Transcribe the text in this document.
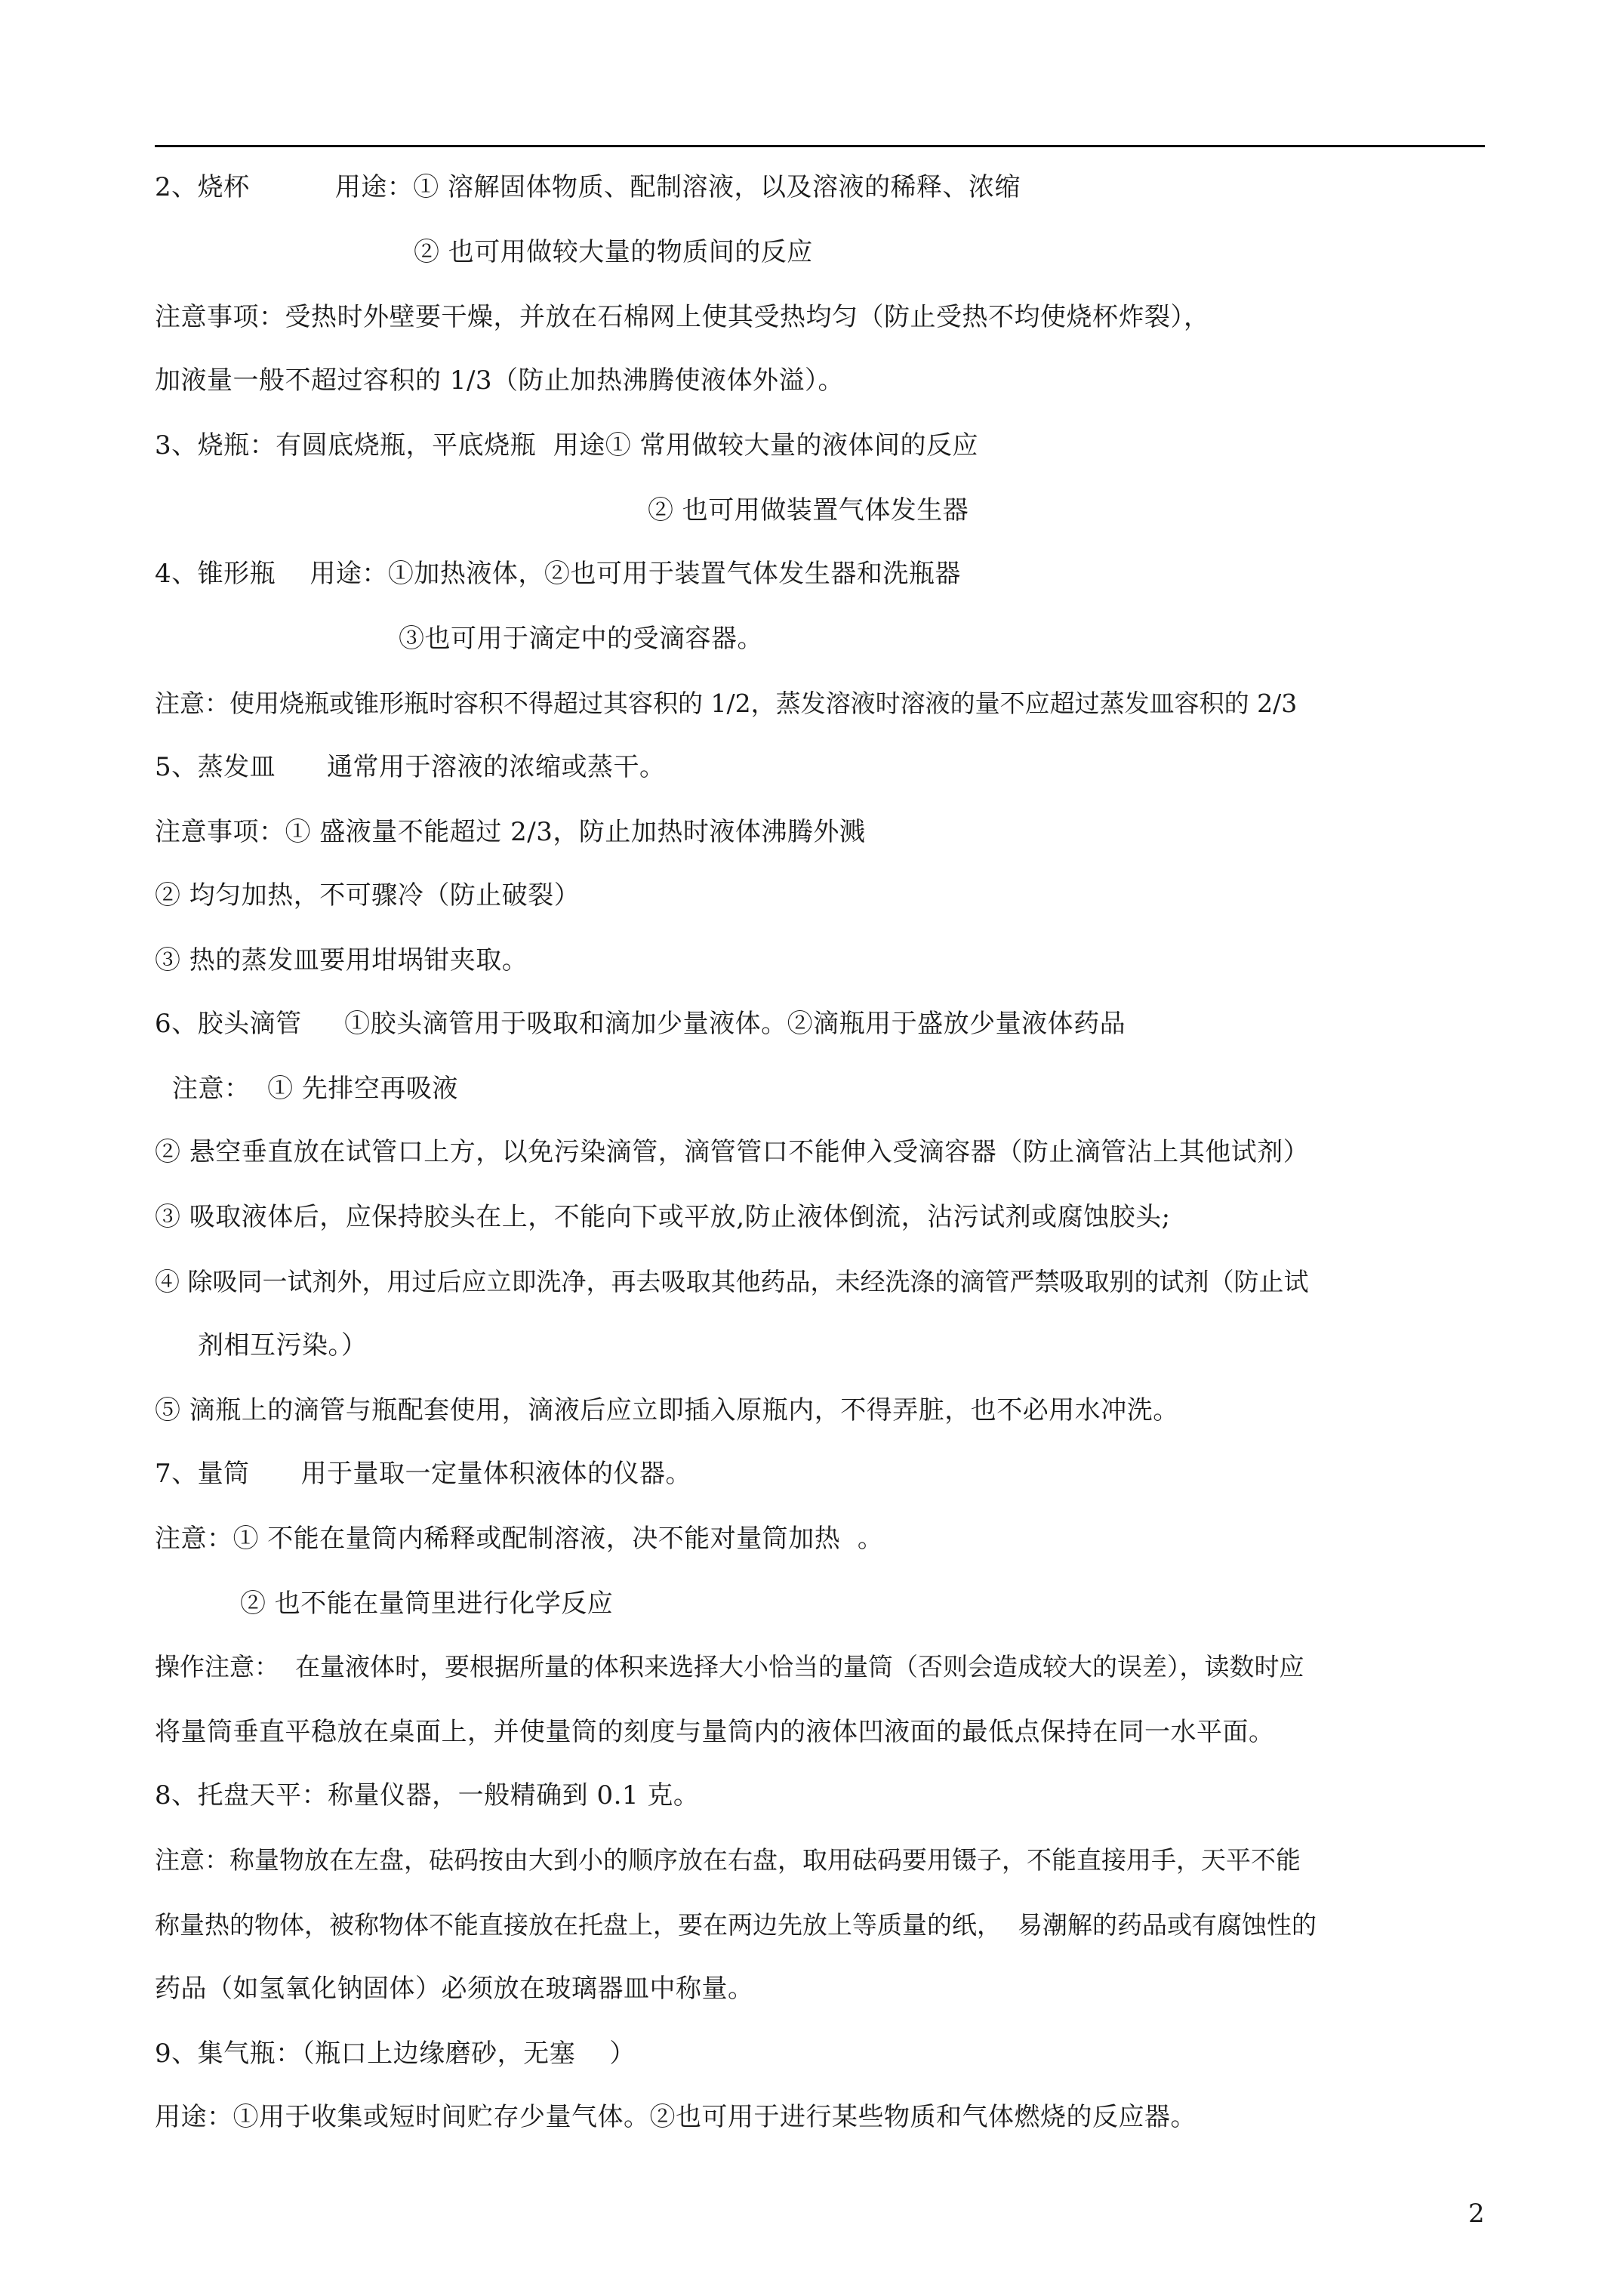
2、烧杯          用途：① 溶解固体物质、配制溶液，以及溶液的稀释、浓缩
② 也可用做较大量的物质间的反应
注意事项：受热时外壁要干燥，并放在石棉网上使其受热均匀（防止受热不均使烧杯炸裂），
加液量一般不超过容积的 1/3（防止加热沸腾使液体外溢）。
3、烧瓶：有圆底烧瓶，平底烧瓶  用途① 常用做较大量的液体间的反应
② 也可用做装置气体发生器
4、锥形瓶    用途：①加热液体，②也可用于装置气体发生器和洗瓶器
③也可用于滴定中的受滴容器。
注意：使用烧瓶或锥形瓶时容积不得超过其容积的 1/2，蒸发溶液时溶液的量不应超过蒸发皿容积的 2/3
5、蒸发皿      通常用于溶液的浓缩或蒸干。
注意事项：① 盛液量不能超过 2/3，防止加热时液体沸腾外溅
② 均匀加热，不可骤冷（防止破裂）
③ 热的蒸发皿要用坩埚钳夹取。
6、胶头滴管     ①胶头滴管用于吸取和滴加少量液体。②滴瓶用于盛放少量液体药品
注意：  ① 先排空再吸液
② 悬空垂直放在试管口上方，以免污染滴管，滴管管口不能伸入受滴容器（防止滴管沾上其他试剂）
③ 吸取液体后，应保持胶头在上，不能向下或平放,防止液体倒流，沾污试剂或腐蚀胶头;
④ 除吸同一试剂外，用过后应立即洗净，再去吸取其他药品，未经洗涤的滴管严禁吸取别的试剂（防止试
剂相互污染。）
⑤ 滴瓶上的滴管与瓶配套使用，滴液后应立即插入原瓶内，不得弄脏，也不必用水冲洗。
7、量筒      用于量取一定量体积液体的仪器。
注意：① 不能在量筒内稀释或配制溶液，决不能对量筒加热  。
② 也不能在量筒里进行化学反应
操作注意：  在量液体时，要根据所量的体积来选择大小恰当的量筒（否则会造成较大的误差），读数时应
将量筒垂直平稳放在桌面上，并使量筒的刻度与量筒内的液体凹液面的最低点保持在同一水平面。
8、托盘天平：称量仪器，一般精确到 0.1 克。
注意：称量物放在左盘，砝码按由大到小的顺序放在右盘，取用砝码要用镊子，不能直接用手，天平不能
称量热的物体，被称物体不能直接放在托盘上，要在两边先放上等质量的纸，  易潮解的药品或有腐蚀性的
药品（如氢氧化钠固体）必须放在玻璃器皿中称量。
9、集气瓶：（瓶口上边缘磨砂，无塞    ）
用途：①用于收集或短时间贮存少量气体。②也可用于进行某些物质和气体燃烧的反应器。
2
